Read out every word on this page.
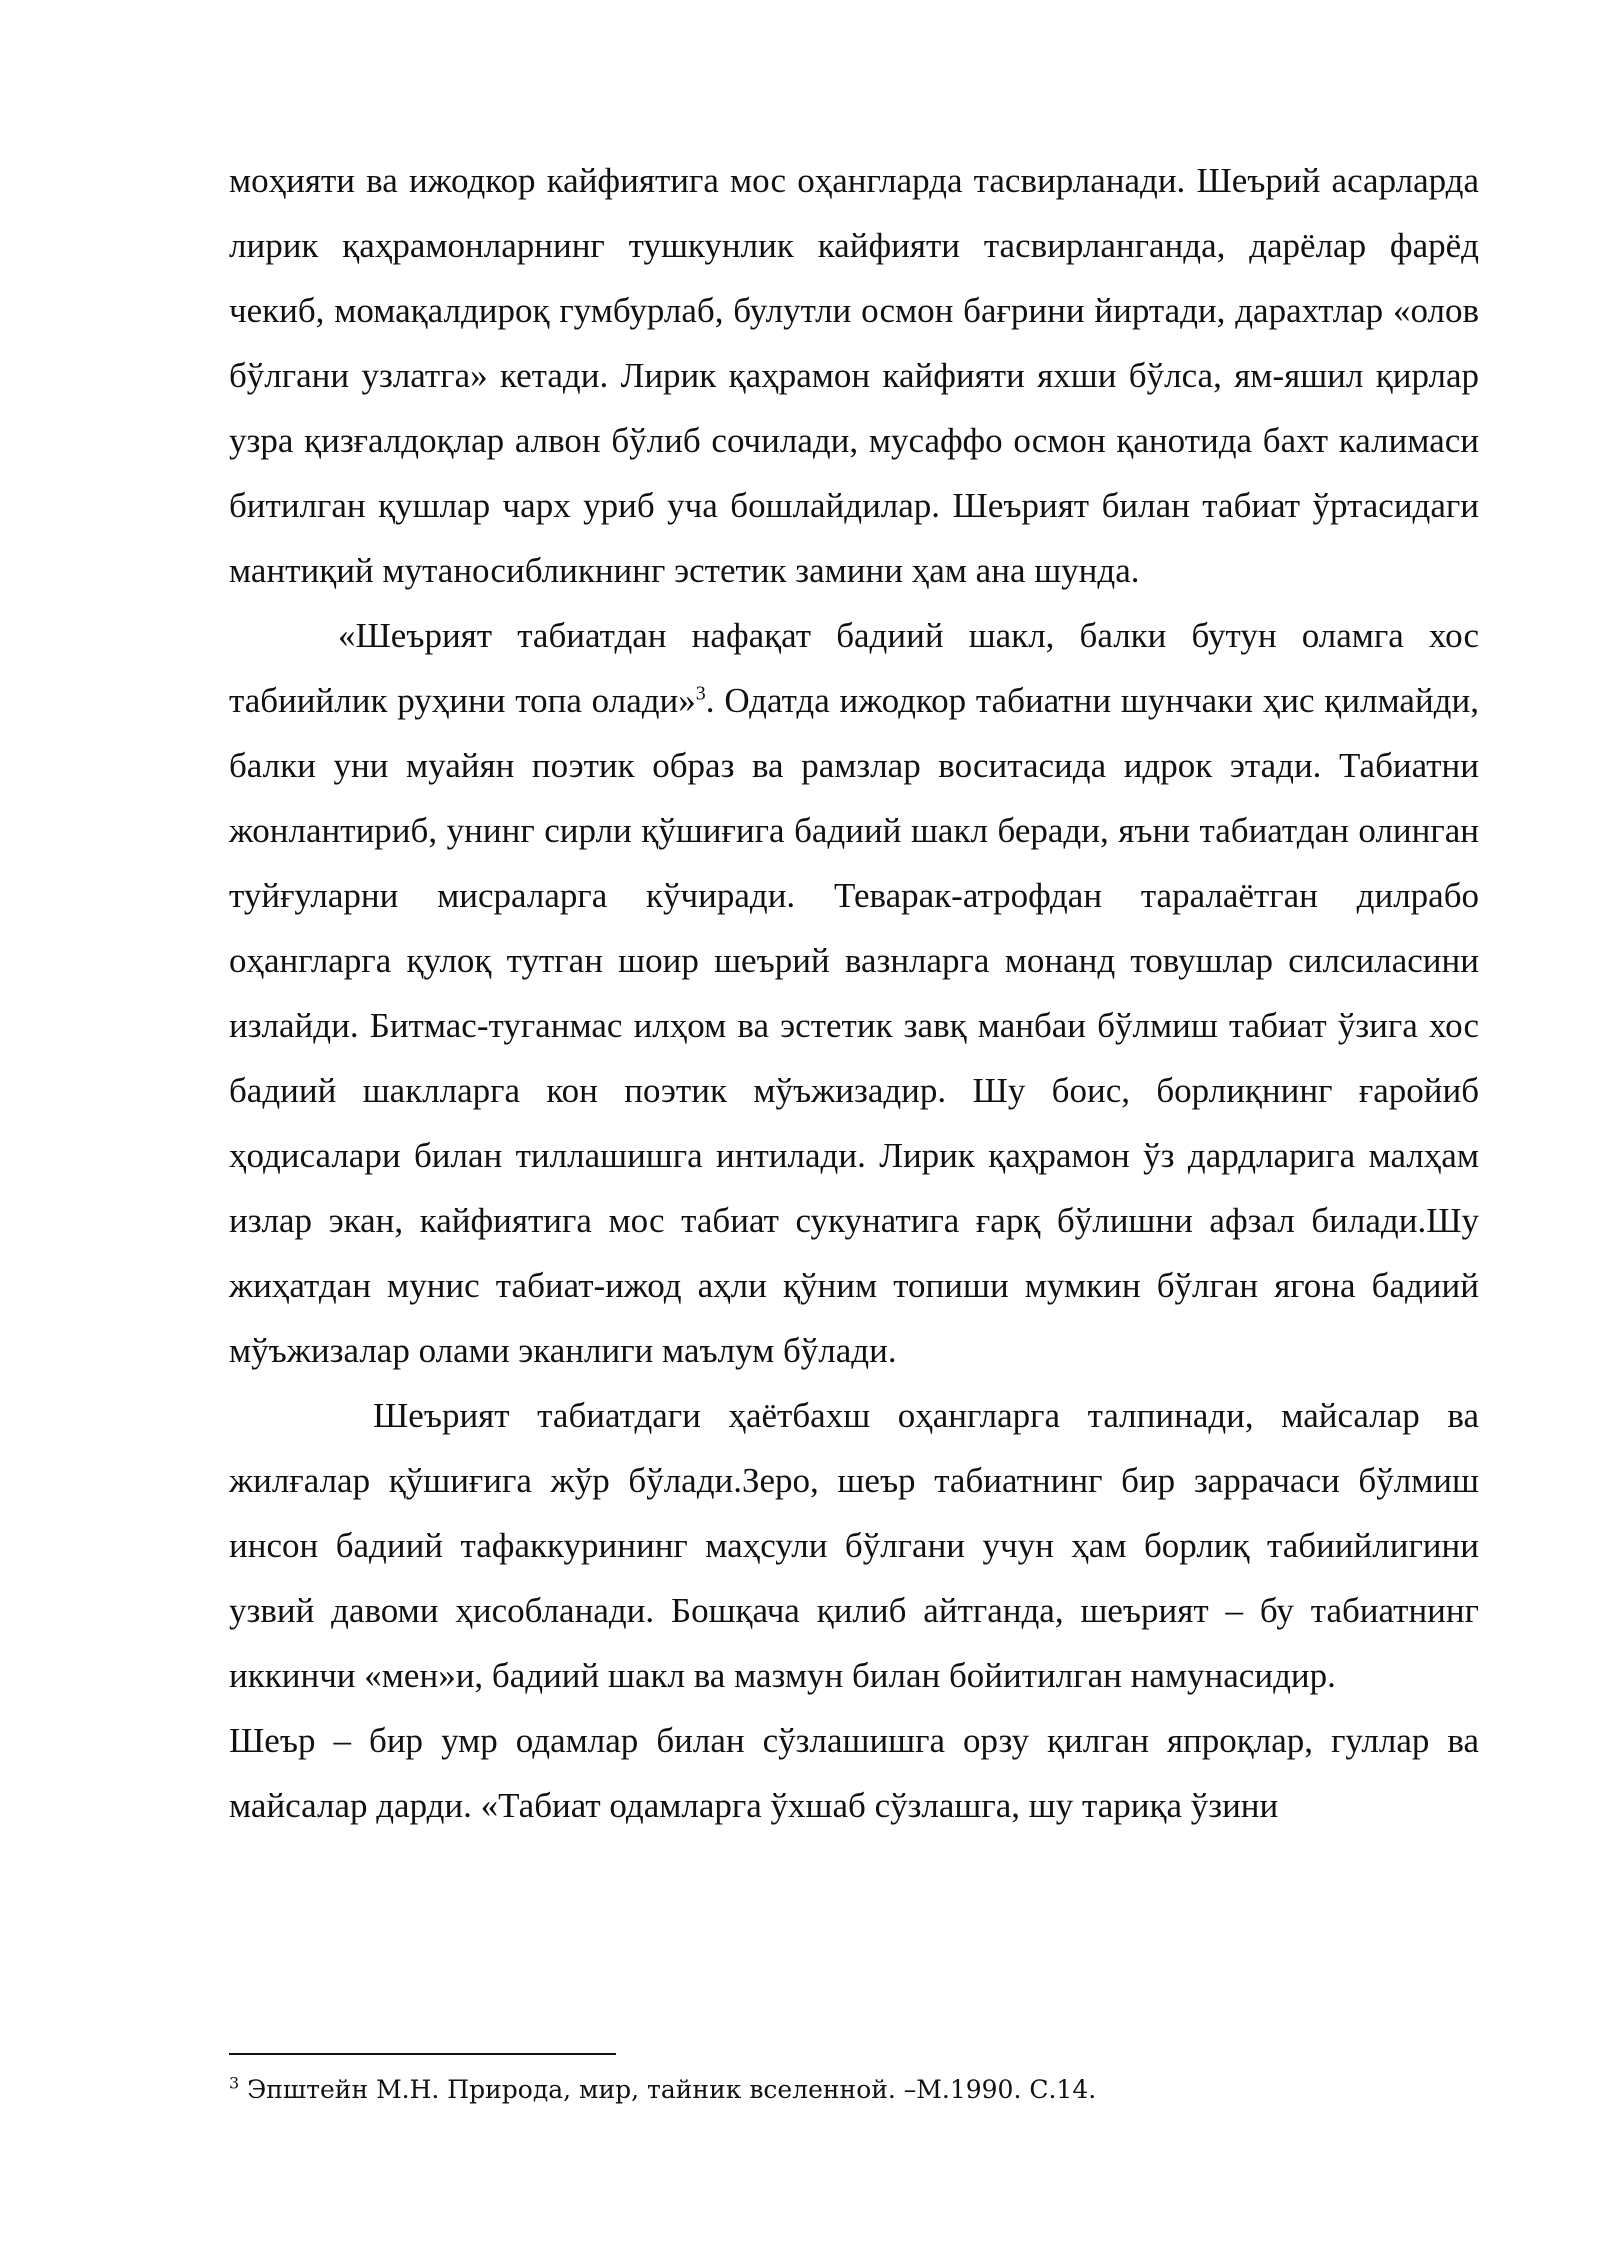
моҳияти ва ижодкор кайфиятига мос оҳангларда тасвирланади. Шеърий асарларда лирик қаҳрамонларнинг тушкунлик кайфияти тасвирланганда, дарёлар фарёд чекиб, момақалдироқ гумбурлаб, булутли осмон бағрини йиртади, дарахтлар «олов бўлгани узлатга» кетади. Лирик қаҳрамон кайфияти яхши бўлса, ям-яшил қирлар узра қизғалдоқлар алвон бўлиб сочилади, мусаффо осмон қанотида бахт калимаси битилган қушлар чарх уриб уча бошлайдилар. Шеърият билан табиат ўртасидаги мантиқий мутаносибликнинг эстетик замини ҳам ана шунда.

«Шеърият табиатдан нафақат бадиий шакл, балки бутун оламга хос табиийлик руҳини топа олади»$^3$. Одатда ижодкор табиатни шунчаки ҳис қилмайди, балки уни муайян поэтик образ ва рамзлар воситасида идрок этади. Табиатни жонлантириб, унинг сирли қўшиғига бадиий шакл беради, яъни табиатдан олинган туйғуларни мисраларга кўчиради. Теварак-атрофдан таралаётган дилрабо оҳангларга қулоқ тутган шоир шеърий вазнларга монанд товушлар силсиласини излайди. Битмас-туганмас илҳом ва эстетик завқ манбаи бўлмиш табиат ўзига хос бадиий шаклларга кон поэтик мўъжизадир. Шу боис, борлиқнинг ғаройиб ҳодисалари билан тиллашишга интилади. Лирик қаҳрамон ўз дардларига малҳам излар экан, кайфиятига мос табиат сукунатига ғарқ бўлишни афзал билади.Шу жиҳатдан мунис табиат-ижод аҳли қўним топиши мумкин бўлган ягона бадиий мўъжизалар олами эканлиги маълум бўлади.

Шеърият табиатдаги ҳаётбахш оҳангларга талпинади, майсалар ва жилғалар қўшиғига жўр бўлади.Зеро, шеър табиатнинг бир заррачаси бўлмиш инсон бадиий тафаккурининг маҳсули бўлгани учун ҳам борлиқ табиийлигини узвий давоми ҳисобланади. Бошқача қилиб айтганда, шеърият – бу табиатнинг иккинчи «мен»и, бадиий шакл ва мазмун билан бойитилган намунасидир.

Шеър – бир умр одамлар билан сўзлашишга орзу қилган япроқлар, гуллар ва майсалар дарди. «Табиат одамларга ўхшаб сўзлашга, шу тариқа ўзини

$^3$ Эпштейн М.Н. Природа, мир, тайник вселенной. –М.1990. С.14.
